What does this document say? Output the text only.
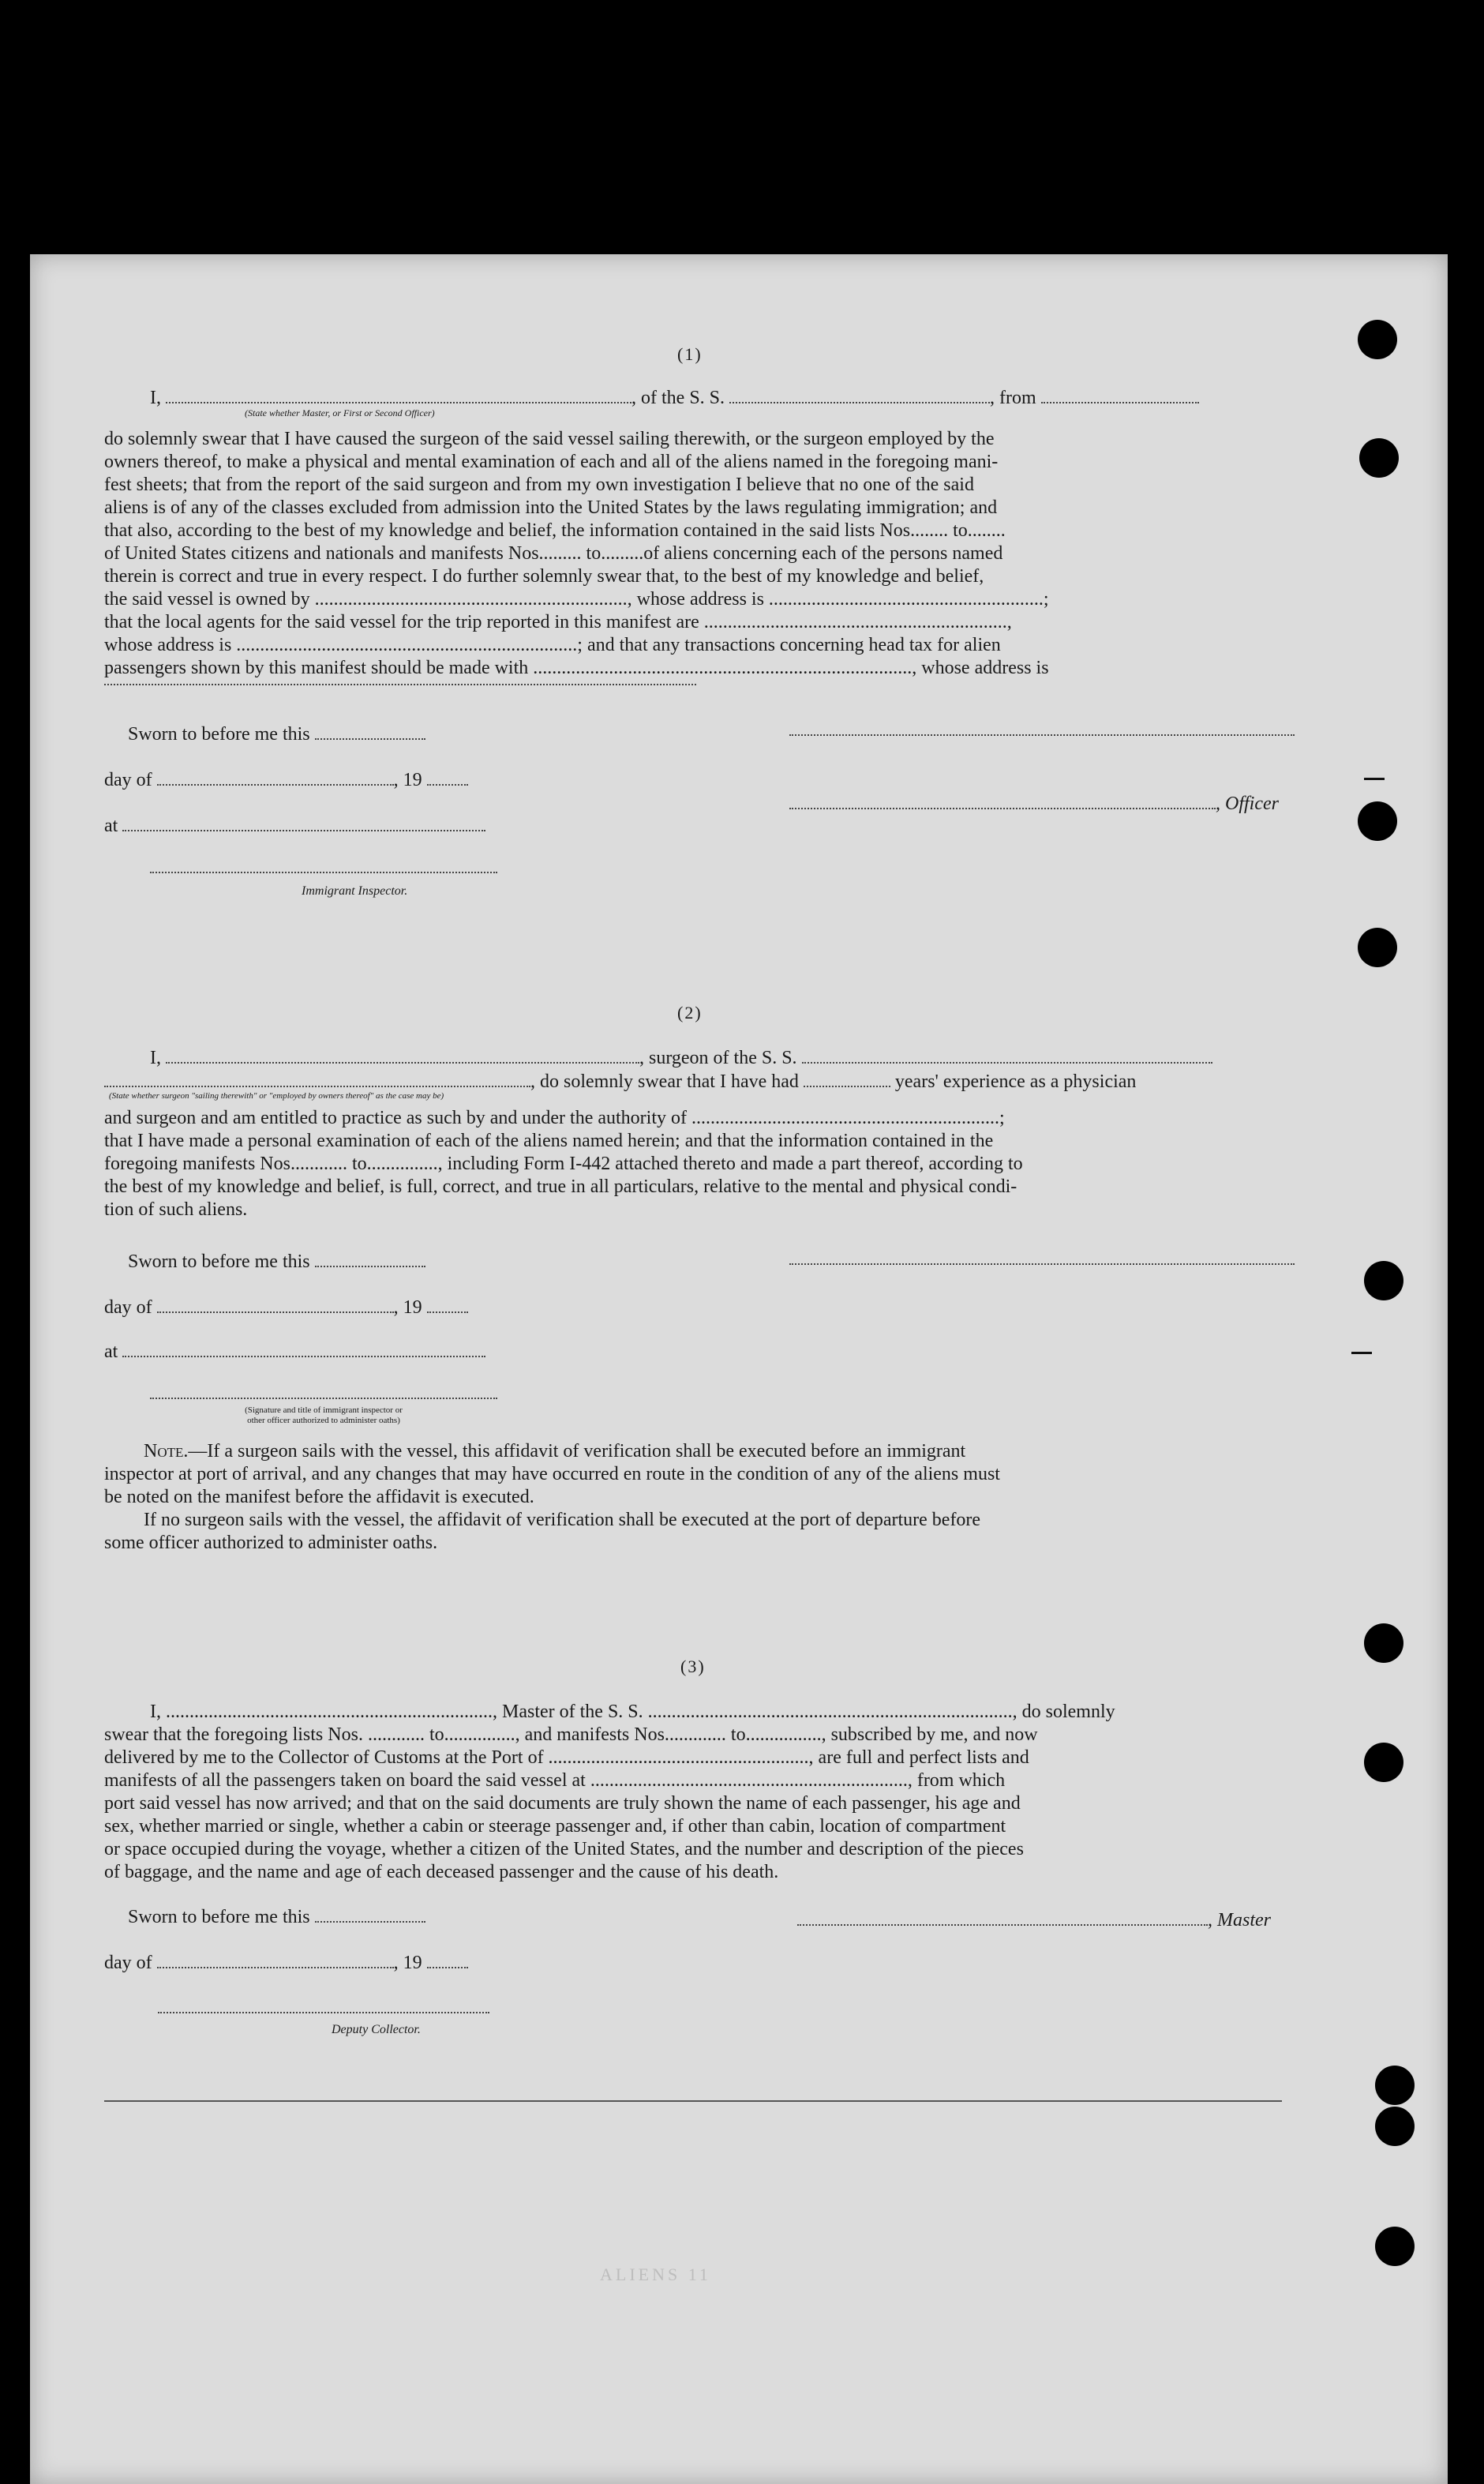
(1)
I,	, of the S. S.	, from
(State whether Master, or First or Second Officer)
do solemnly swear that I have caused the surgeon of the said vessel sailing therewith, or the surgeon employed by the
owners thereof, to make a physical and mental examination of each and all of the aliens named in the foregoing mani-
fest sheets; that from the report of the said surgeon and from my own investigation I believe that no one of the said
aliens is of any of the classes excluded from admission into the United States by the laws regulating immigration; and
that also, according to the best of my knowledge and belief, the information contained in the said lists Nos........ to........
of United States citizens and nationals and manifests Nos......... to.........of aliens concerning each of the persons named
therein is correct and true in every respect. I do further solemnly swear that, to the best of my knowledge and belief,
the said vessel is owned by .................................................................., whose address is ..........................................................;
that the local agents for the said vessel for the trip reported in this manifest are ................................................................,
whose address is ........................................................................; and that any transactions concerning head tax for alien
passengers shown by this manifest should be made with ................................................................................, whose address is
Sworn to before me this
day of	, 19
, Officer
at
Immigrant Inspector.
(2)
I,	, surgeon of the S. S.
, do solemnly swear that I have had	years' experience as a physician
(State whether surgeon "sailing therewith" or "employed by owners thereof" as the case may be)
and surgeon and am entitled to practice as such by and under the authority of .................................................................;
that I have made a personal examination of each of the aliens named herein; and that the information contained in the
foregoing manifests Nos............ to..............., including Form I-442 attached thereto and made a part thereof, according to
the best of my knowledge and belief, is full, correct, and true in all particulars, relative to the mental and physical condi-
tion of such aliens.
Sworn to before me this
day of	, 19
at
(Signature and title of immigrant inspector or
other officer authorized to administer oaths)
Note.—If a surgeon sails with the vessel, this affidavit of verification shall be executed before an immigrant
inspector at port of arrival, and any changes that may have occurred en route in the condition of any of the aliens must
be noted on the manifest before the affidavit is executed.
If no surgeon sails with the vessel, the affidavit of verification shall be executed at the port of departure before
some officer authorized to administer oaths.
(3)
I, ....................................................................., Master of the S. S. ............................................................................., do solemnly
swear that the foregoing lists Nos. ............ to..............., and manifests Nos............. to................, subscribed by me, and now
delivered by me to the Collector of Customs at the Port of ......................................................., are full and perfect lists and
manifests of all the passengers taken on board the said vessel at ..................................................................., from which
port said vessel has now arrived; and that on the said documents are truly shown the name of each passenger, his age and
sex, whether married or single, whether a cabin or steerage passenger and, if other than cabin, location of compartment
or space occupied during the voyage, whether a citizen of the United States, and the number and description of the pieces
of baggage, and the name and age of each deceased passenger and the cause of his death.
Sworn to before me this	, Master
day of	, 19
Deputy Collector.
ALIENS 11
